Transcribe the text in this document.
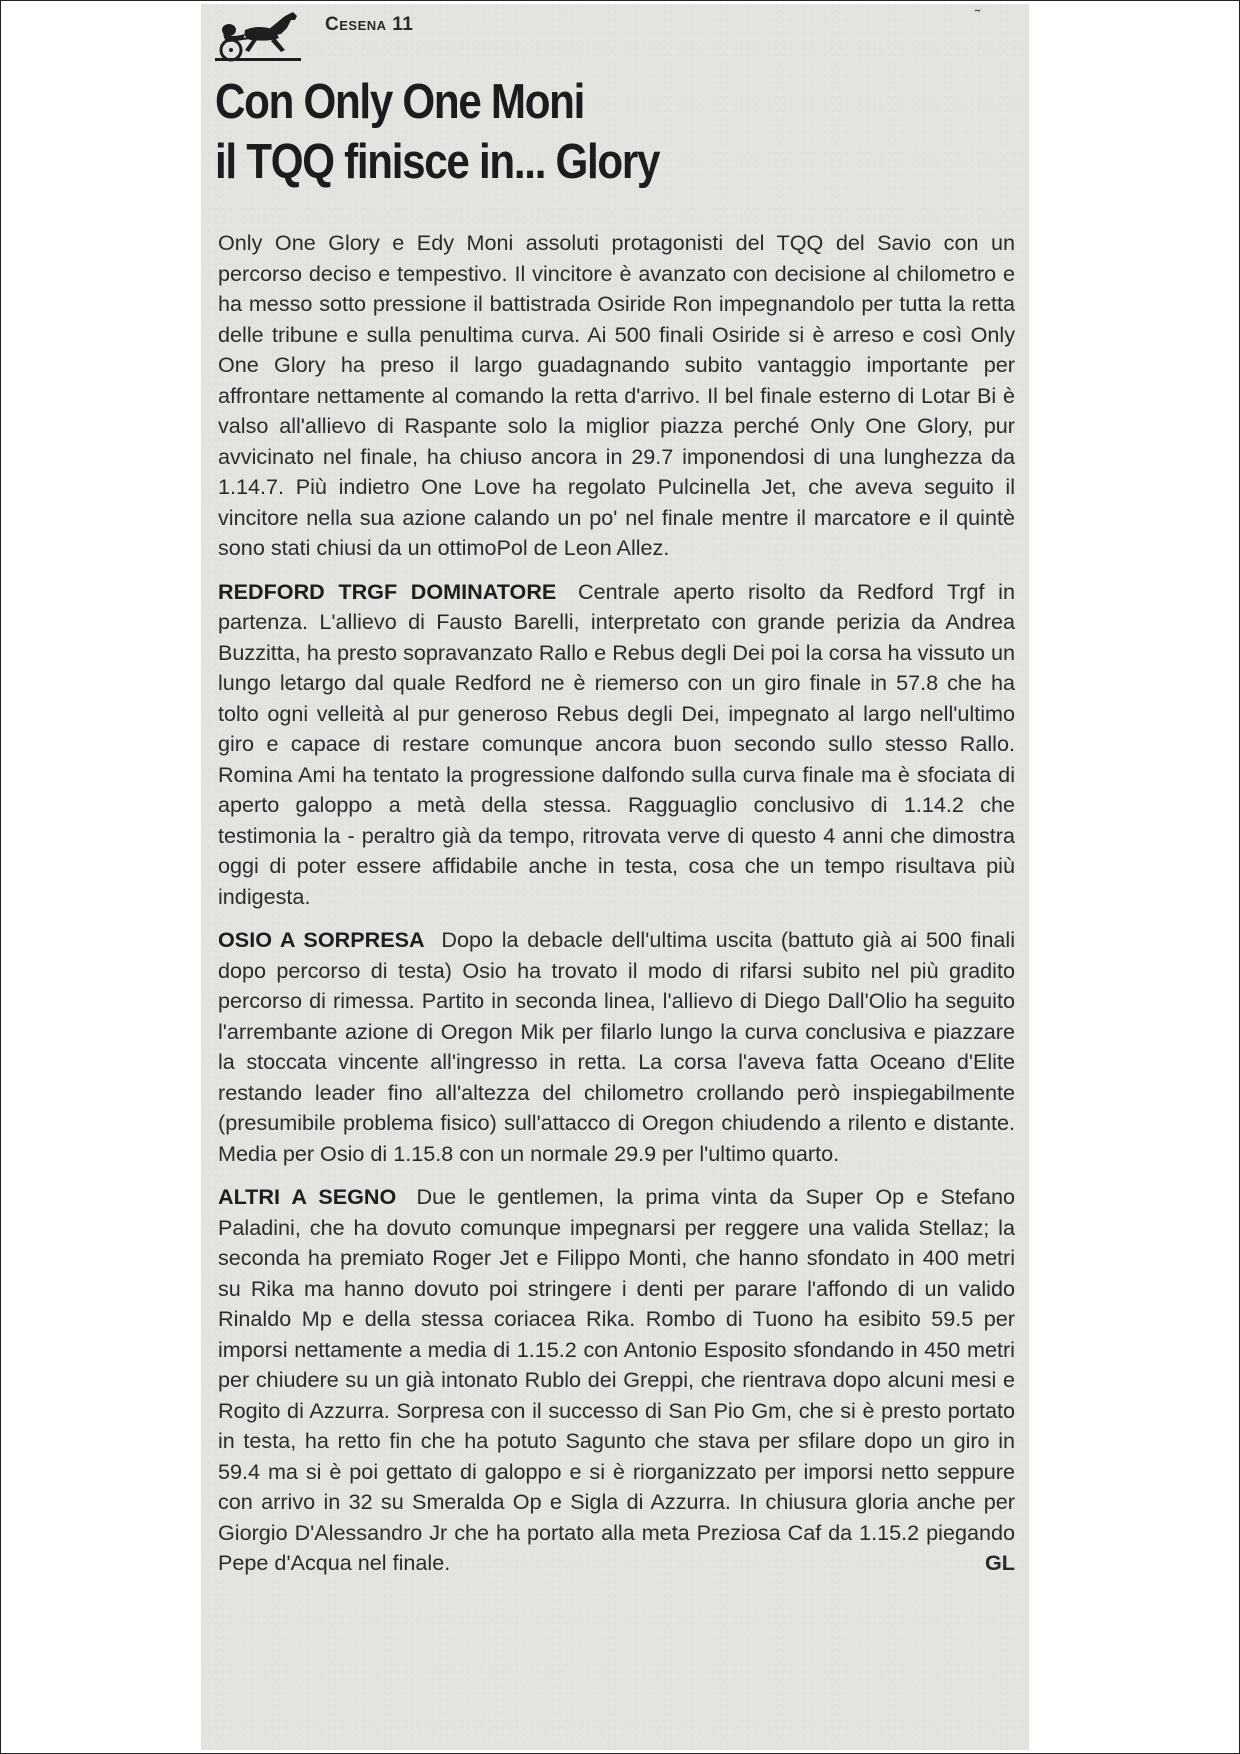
Cesena 11	˜
Con Only One Moni
il TQQ finisce in... Glory

Only One Glory e Edy Moni assoluti protagonisti del TQQ del Savio con un percorso deciso e tempestivo. Il vincitore è avanzato con decisione al chilometro e ha messo sotto pressione il battistrada Osiride Ron impegnandolo per tutta la retta delle tribune e sulla penultima curva. Ai 500 finali Osiride si è arreso e così Only One Glory ha preso il largo guadagnando subito vantaggio importante per affrontare nettamente al comando la retta d'arrivo. Il bel finale esterno di Lotar Bi è valso all'allievo di Raspante solo la miglior piazza perché Only One Glory, pur avvicinato nel finale, ha chiuso ancora in 29.7 imponendosi di una lunghezza da 1.14.7. Più indietro One Love ha regolato Pulcinella Jet, che aveva seguito il vincitore nella sua azione calando un po' nel finale mentre il marcatore e il quintè sono stati chiusi da un ottimoPol de Leon Allez.

REDFORD TRGF DOMINATORE Centrale aperto risolto da Redford Trgf in partenza. L'allievo di Fausto Barelli, interpretato con grande perizia da Andrea Buzzitta, ha presto sopravanzato Rallo e Rebus degli Dei poi la corsa ha vissuto un lungo letargo dal quale Redford ne è riemerso con un giro finale in 57.8 che ha tolto ogni velleità al pur generoso Rebus degli Dei, impegnato al largo nell'ultimo giro e capace di restare comunque ancora buon secondo sullo stesso Rallo. Romina Ami ha tentato la progressione dalfondo sulla curva finale ma è sfociata di aperto galoppo a metà della stessa. Ragguaglio conclusivo di 1.14.2 che testimonia la - peraltro già da tempo, ritrovata verve di questo 4 anni che dimostra oggi di poter essere affidabile anche in testa, cosa che un tempo risultava più indigesta.

OSIO A SORPRESA Dopo la debacle dell'ultima uscita (battuto già ai 500 finali dopo percorso di testa) Osio ha trovato il modo di rifarsi subito nel più gradito percorso di rimessa. Partito in seconda linea, l'allievo di Diego Dall'Olio ha seguito l'arrembante azione di Oregon Mik per filarlo lungo la curva conclusiva e piazzare la stoccata vincente all'ingresso in retta. La corsa l'aveva fatta Oceano d'Elite restando leader fino all'altezza del chilometro crollando però inspiegabilmente (presumibile problema fisico) sull'attacco di Oregon chiudendo a rilento e distante. Media per Osio di 1.15.8 con un normale 29.9 per l'ultimo quarto.

ALTRI A SEGNO Due le gentlemen, la prima vinta da Super Op e Stefano Paladini, che ha dovuto comunque impegnarsi per reggere una valida Stellaz; la seconda ha premiato Roger Jet e Filippo Monti, che hanno sfondato in 400 metri su Rika ma hanno dovuto poi stringere i denti per parare l'affondo di un valido Rinaldo Mp e della stessa coriacea Rika. Rombo di Tuono ha esibito 59.5 per imporsi nettamente a media di 1.15.2 con Antonio Esposito sfondando in 450 metri per chiudere su un già intonato Rublo dei Greppi, che rientrava dopo alcuni mesi e Rogito di Azzurra. Sorpresa con il successo di San Pio Gm, che si è presto portato in testa, ha retto fin che ha potuto Sagunto che stava per sfilare dopo un giro in 59.4 ma si è poi gettato di galoppo e si è riorganizzato per imporsi netto seppure con arrivo in 32 su Smeralda Op e Sigla di Azzurra. In chiusura gloria anche per Giorgio D'Alessandro Jr che ha portato alla meta Preziosa Caf da 1.15.2 piegando Pepe d'Acqua nel finale.	GL
